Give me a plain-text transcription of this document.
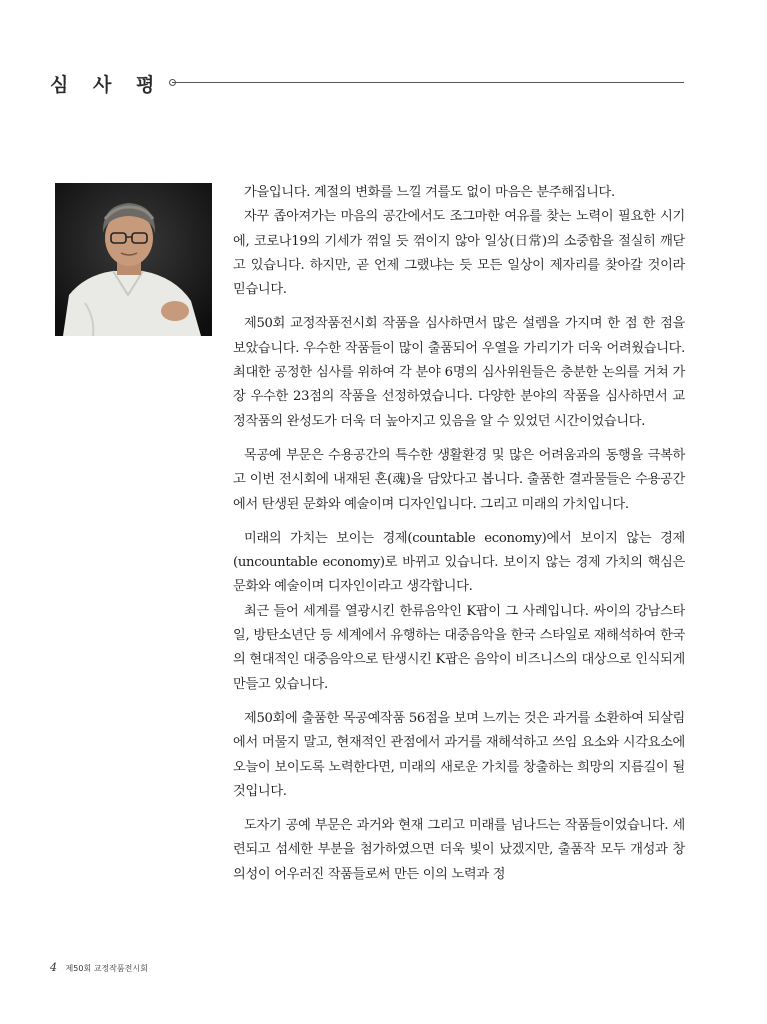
심 사 평

가을입니다. 계절의 변화를 느낄 겨를도 없이 마음은 분주해집니다.

자꾸 좁아져가는 마음의 공간에서도 조그마한 여유를 찾는 노력이 필요한 시기에, 코로나19의 기세가 꺾일 듯 꺾이지 않아 일상(日常)의 소중함을 절실히 깨닫고 있습니다. 하지만, 곧 언제 그랬냐는 듯 모든 일상이 제자리를 찾아갈 것이라 믿습니다.

제50회 교정작품전시회 작품을 심사하면서 많은 설렘을 가지며 한 점 한 점을 보았습니다. 우수한 작품들이 많이 출품되어 우열을 가리기가 더욱 어려웠습니다. 최대한 공정한 심사를 위하여 각 분야 6명의 심사위원들은 충분한 논의를 거쳐 가장 우수한 23점의 작품을 선정하였습니다. 다양한 분야의 작품을 심사하면서 교정작품의 완성도가 더욱 더 높아지고 있음을 알 수 있었던 시간이었습니다.

목공예 부문은 수용공간의 특수한 생활환경 및 많은 어려움과의 동행을 극복하고 이번 전시회에 내재된 혼(魂)을 담았다고 봅니다. 출품한 결과물들은 수용공간에서 탄생된 문화와 예술이며 디자인입니다. 그리고 미래의 가치입니다.

미래의 가치는 보이는 경제(countable economy)에서 보이지 않는 경제 (uncountable economy)로 바뀌고 있습니다. 보이지 않는 경제 가치의 핵심은 문화와 예술이며 디자인이라고 생각합니다.

최근 들어 세계를 열광시킨 한류음악인 K팝이 그 사례입니다. 싸이의 강남스타일, 방탄소년단 등 세계에서 유행하는 대중음악을 한국 스타일로 재해석하여 한국의 현대적인 대중음악으로 탄생시킨 K팝은 음악이 비즈니스의 대상으로 인식되게 만들고 있습니다.

제50회에 출품한 목공예작품 56점을 보며 느끼는 것은 과거를 소환하여 되살림에서 머물지 말고, 현재적인 관점에서 과거를 재해석하고 쓰임 요소와 시각요소에 오늘이 보이도록 노력한다면, 미래의 새로운 가치를 창출하는 희망의 지름길이 될 것입니다.

도자기 공예 부문은 과거와 현재 그리고 미래를 넘나드는 작품들이었습니다. 세련되고 섬세한 부분을 첨가하였으면 더욱 빛이 났겠지만, 출품작 모두 개성과 창의성이 어우러진 작품들로써 만든 이의 노력과 정

4 제50회 교정작품전시회
